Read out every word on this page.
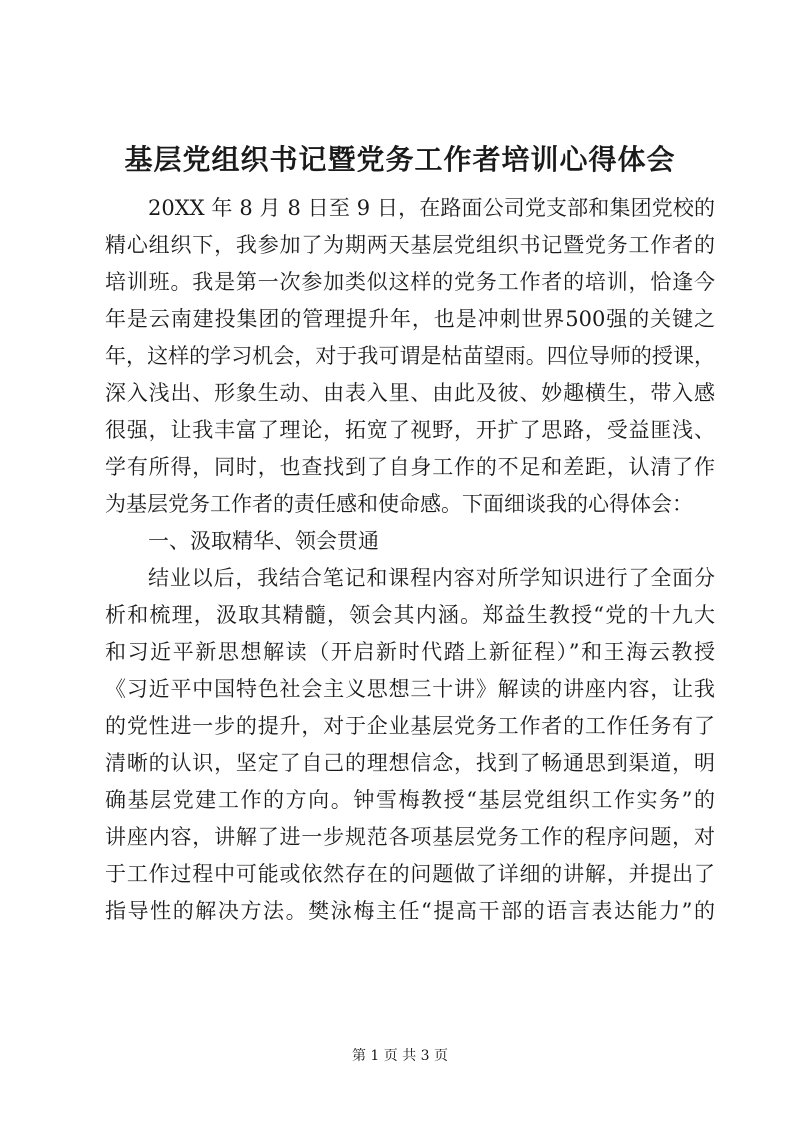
基层党组织书记暨党务工作者培训心得体会
20XX 年 8 月 8 日至 9 日，在路面公司党支部和集团党校的
精心组织下，我参加了为期两天基层党组织书记暨党务工作者的
培训班。我是第一次参加类似这样的党务工作者的培训，恰逢今
年是云南建投集团的管理提升年，也是冲刺世界500强的关键之
年，这样的学习机会，对于我可谓是枯苗望雨。四位导师的授课，
深入浅出、形象生动、由表入里、由此及彼、妙趣横生，带入感
很强，让我丰富了理论，拓宽了视野，开扩了思路，受益匪浅、
学有所得，同时，也查找到了自身工作的不足和差距，认清了作
为基层党务工作者的责任感和使命感。下面细谈我的心得体会：
一、汲取精华、领会贯通
结业以后，我结合笔记和课程内容对所学知识进行了全面分
析和梳理，汲取其精髓，领会其内涵。郑益生教授“党的十九大
和习近平新思想解读（开启新时代踏上新征程）”和王海云教授
《习近平中国特色社会主义思想三十讲》解读的讲座内容，让我
的党性进一步的提升，对于企业基层党务工作者的工作任务有了
清晰的认识，坚定了自己的理想信念，找到了畅通思到渠道，明
确基层党建工作的方向。钟雪梅教授“基层党组织工作实务”的
讲座内容，讲解了进一步规范各项基层党务工作的程序问题，对
于工作过程中可能或依然存在的问题做了详细的讲解，并提出了
指导性的解决方法。樊泳梅主任“提高干部的语言表达能力”的
第 1 页 共 3 页
